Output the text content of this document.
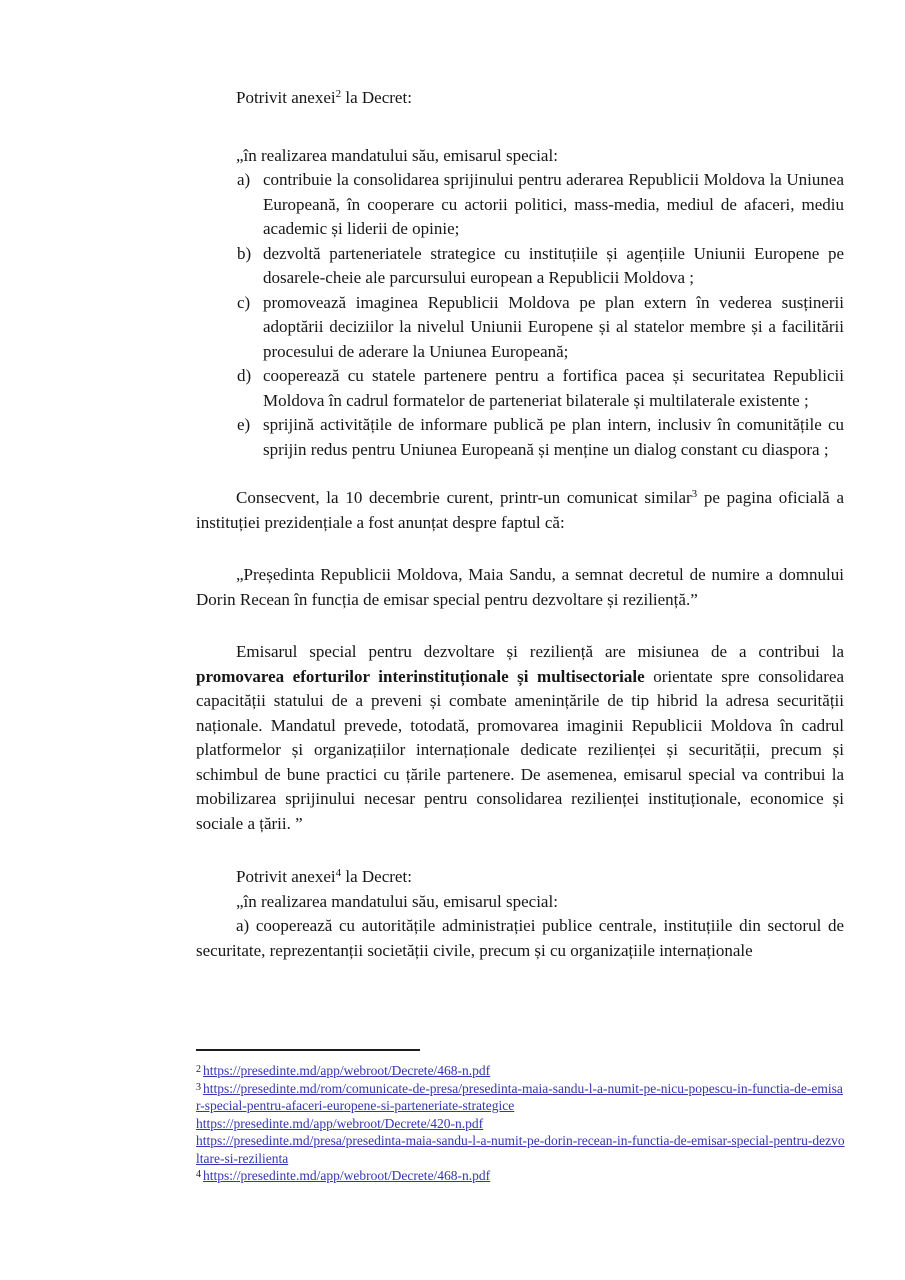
Potrivit anexei$^2$ la Decret:

„în realizarea mandatului său, emisarul special:

a) contribuie la consolidarea sprijinului pentru aderarea Republicii Moldova la Uniunea Europeană, în cooperare cu actorii politici, mass-media, mediul de afaceri, mediu academic și liderii de opinie;
b) dezvoltă parteneriatele strategice cu instituțiile și agențiile Uniunii Europene pe dosarele-cheie ale parcursului european a Republicii Moldova ;
c) promovează imaginea Republicii Moldova pe plan extern în vederea susținerii adoptării deciziilor la nivelul Uniunii Europene și al statelor membre și a facilitării procesului de aderare la Uniunea Europeană;
d) cooperează cu statele partenere pentru a fortifica pacea și securitatea Republicii Moldova în cadrul formatelor de parteneriat bilaterale și multilaterale existente ;
e) sprijină activitățile de informare publică pe plan intern, inclusiv în comunitățile cu sprijin redus pentru Uniunea Europeană și menține un dialog constant cu diaspora ;

Consecvent, la 10 decembrie curent, printr-un comunicat similar$^3$ pe pagina oficială a instituției prezidențiale a fost anunțat despre faptul că:

„Președinta Republicii Moldova, Maia Sandu, a semnat decretul de numire a domnului Dorin Recean în funcția de emisar special pentru dezvoltare și reziliență.”

Emisarul special pentru dezvoltare și reziliență are misiunea de a contribui la promovarea eforturilor interinstituționale și multisectoriale orientate spre consolidarea capacității statului de a preveni și combate amenințările de tip hibrid la adresa securității naționale. Mandatul prevede, totodată, promovarea imaginii Republicii Moldova în cadrul platformelor și organizațiilor internaționale dedicate rezilienței și securității, precum și schimbul de bune practici cu țările partenere. De asemenea, emisarul special va contribui la mobilizarea sprijinului necesar pentru consolidarea rezilienței instituționale, economice și sociale a țării. ”

Potrivit anexei$^4$ la Decret:

„în realizarea mandatului său, emisarul special:

a) cooperează cu autoritățile administrației publice centrale, instituțiile din sectorul de securitate, reprezentanții societății civile, precum și cu organizațiile internaționale

$^2$ https://presedinte.md/app/webroot/Decrete/468-n.pdf
$^3$ https://presedinte.md/rom/comunicate-de-presa/presedinta-maia-sandu-l-a-numit-pe-nicu-popescu-in-functia-de-emisar-special-pentru-afaceri-europene-si-parteneriate-strategice
https://presedinte.md/app/webroot/Decrete/420-n.pdf
https://presedinte.md/presa/presedinta-maia-sandu-l-a-numit-pe-dorin-recean-in-functia-de-emisar-special-pentru-dezvoltare-si-rezilienta
$^4$ https://presedinte.md/app/webroot/Decrete/468-n.pdf
